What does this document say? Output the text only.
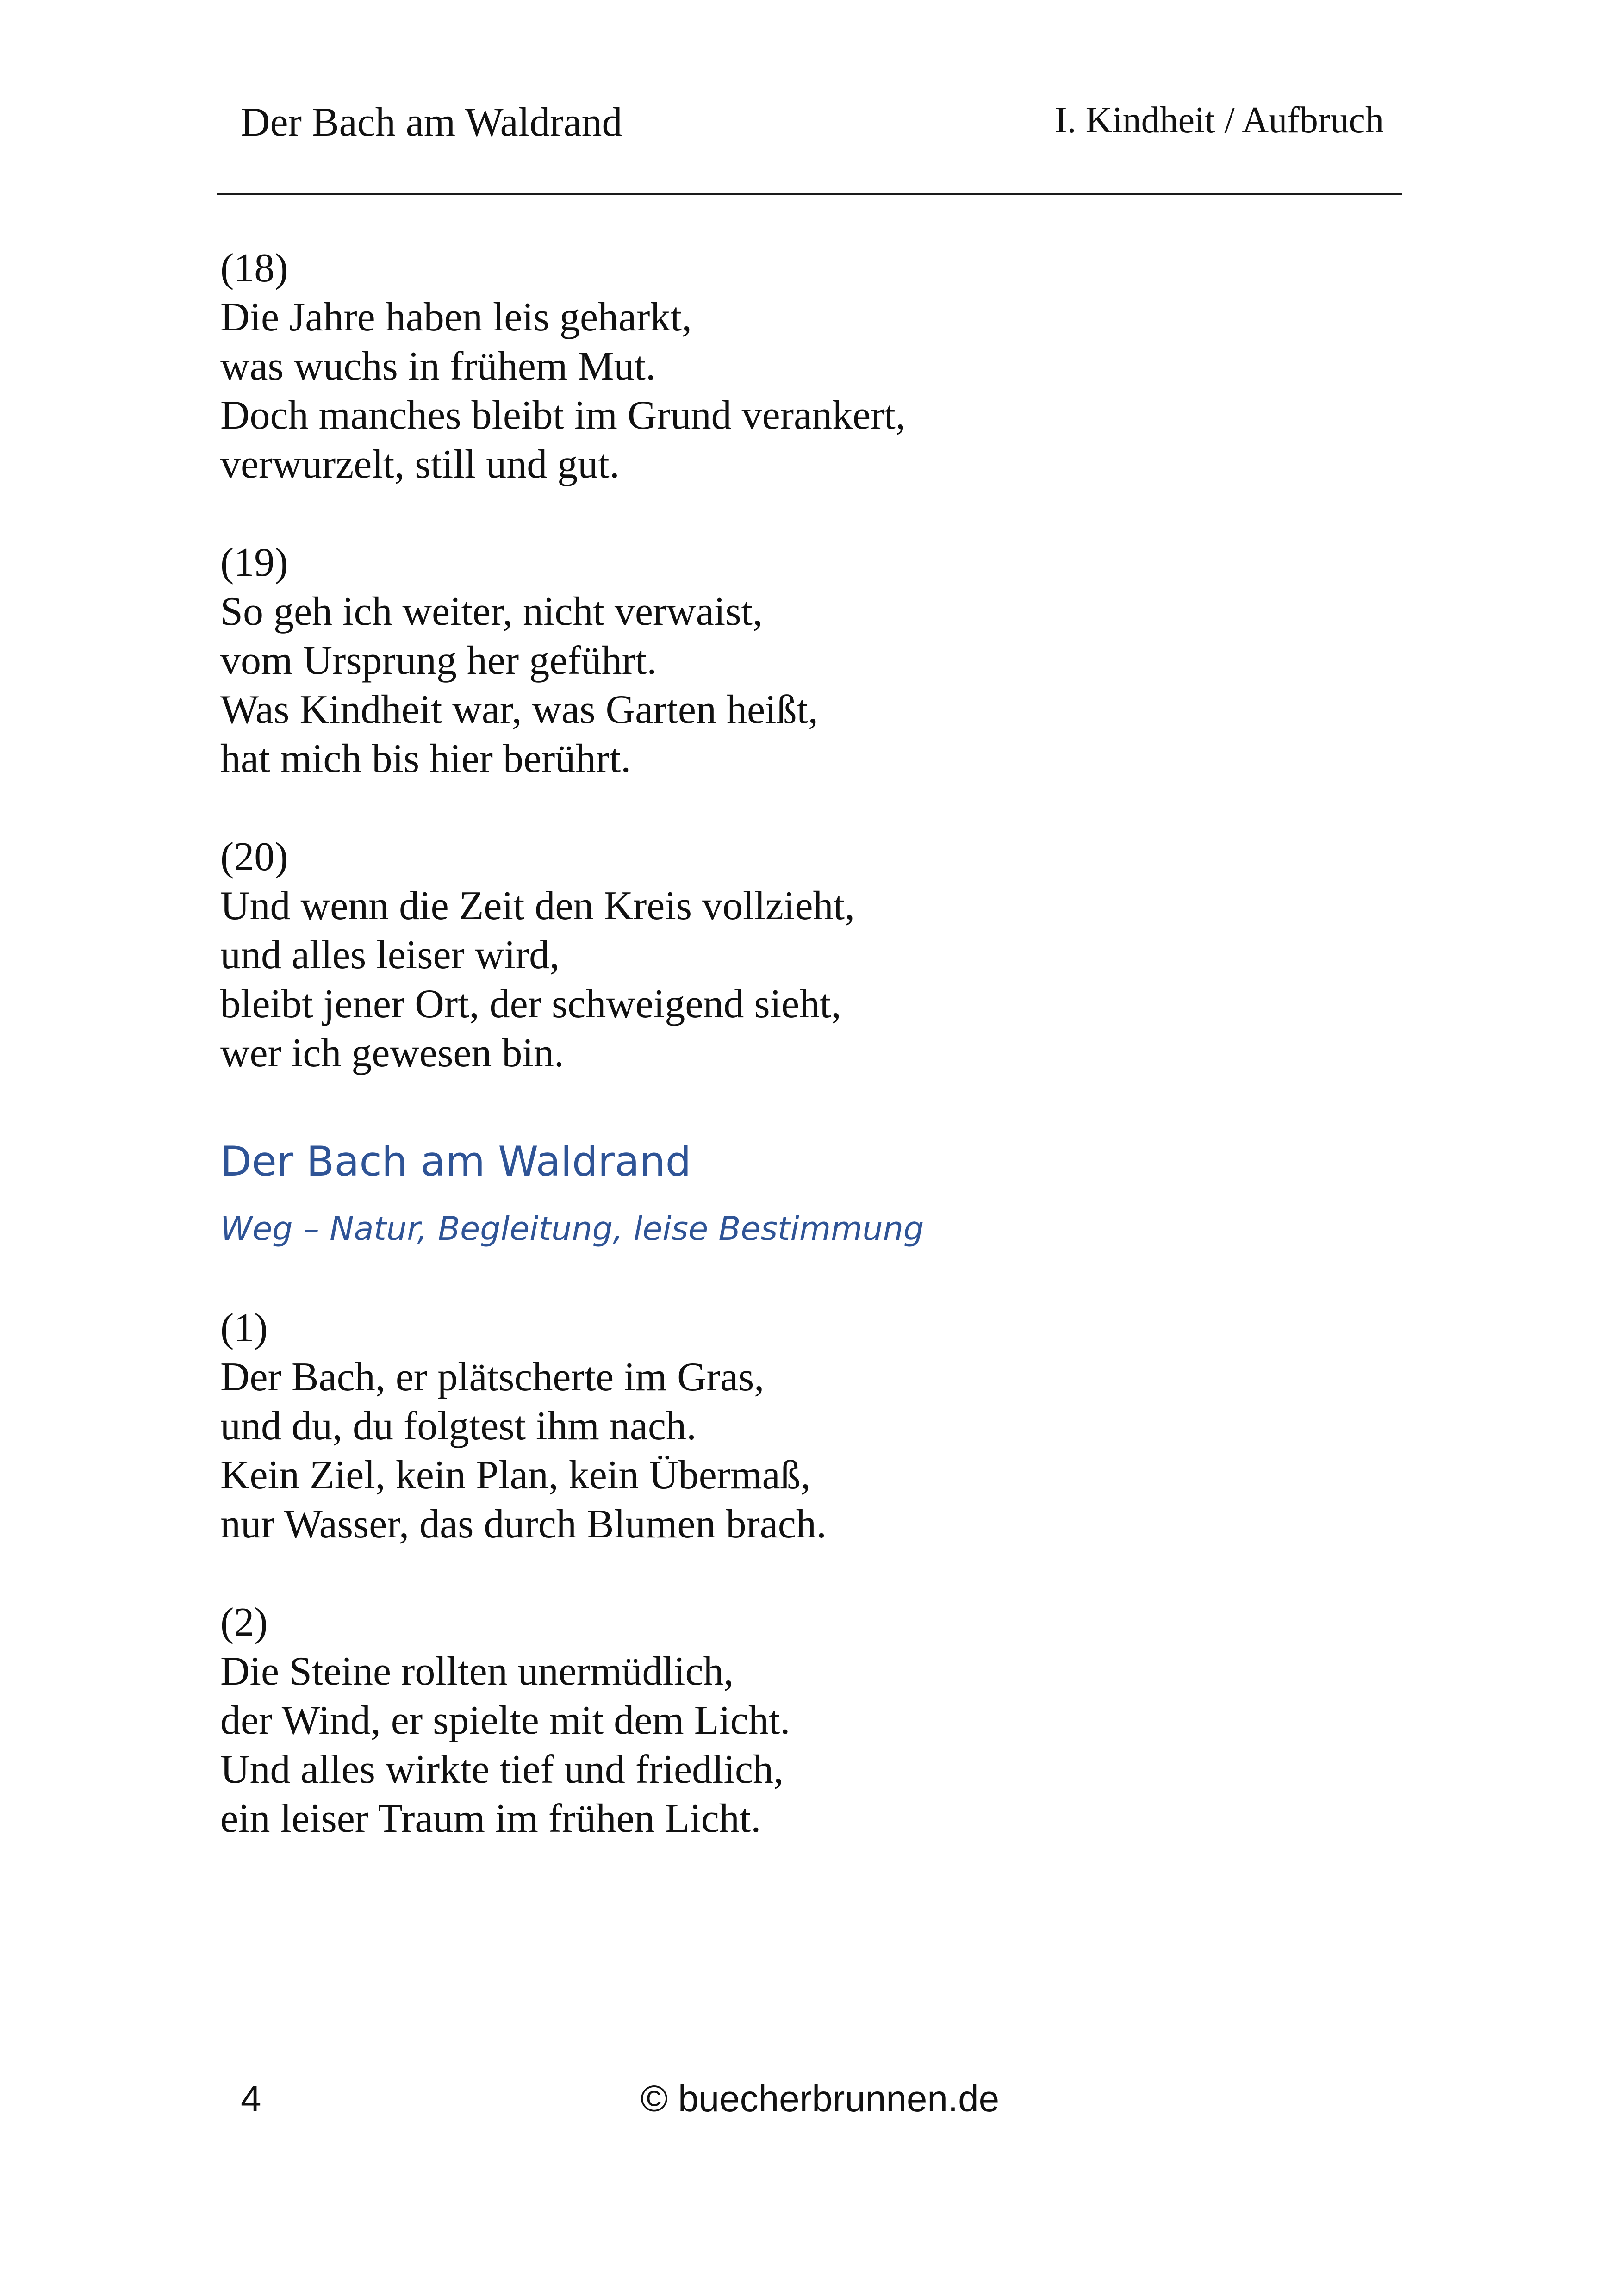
Der Bach am Waldrand	I. Kindheit / Aufbruch
(18)
Die Jahre haben leis geharkt,
was wuchs in frühem Mut.
Doch manches bleibt im Grund verankert,
verwurzelt, still und gut.
(19)
So geh ich weiter, nicht verwaist,
vom Ursprung her geführt.
Was Kindheit war, was Garten heißt,
hat mich bis hier berührt.
(20)
Und wenn die Zeit den Kreis vollzieht,
und alles leiser wird,
bleibt jener Ort, der schweigend sieht,
wer ich gewesen bin.
Der Bach am Waldrand
Weg – Natur, Begleitung, leise Bestimmung
(1)
Der Bach, er plätscherte im Gras,
und du, du folgtest ihm nach.
Kein Ziel, kein Plan, kein Übermaß,
nur Wasser, das durch Blumen brach.
(2)
Die Steine rollten unermüdlich,
der Wind, er spielte mit dem Licht.
Und alles wirkte tief und friedlich,
ein leiser Traum im frühen Licht.
4	© buecherbrunnen.de
